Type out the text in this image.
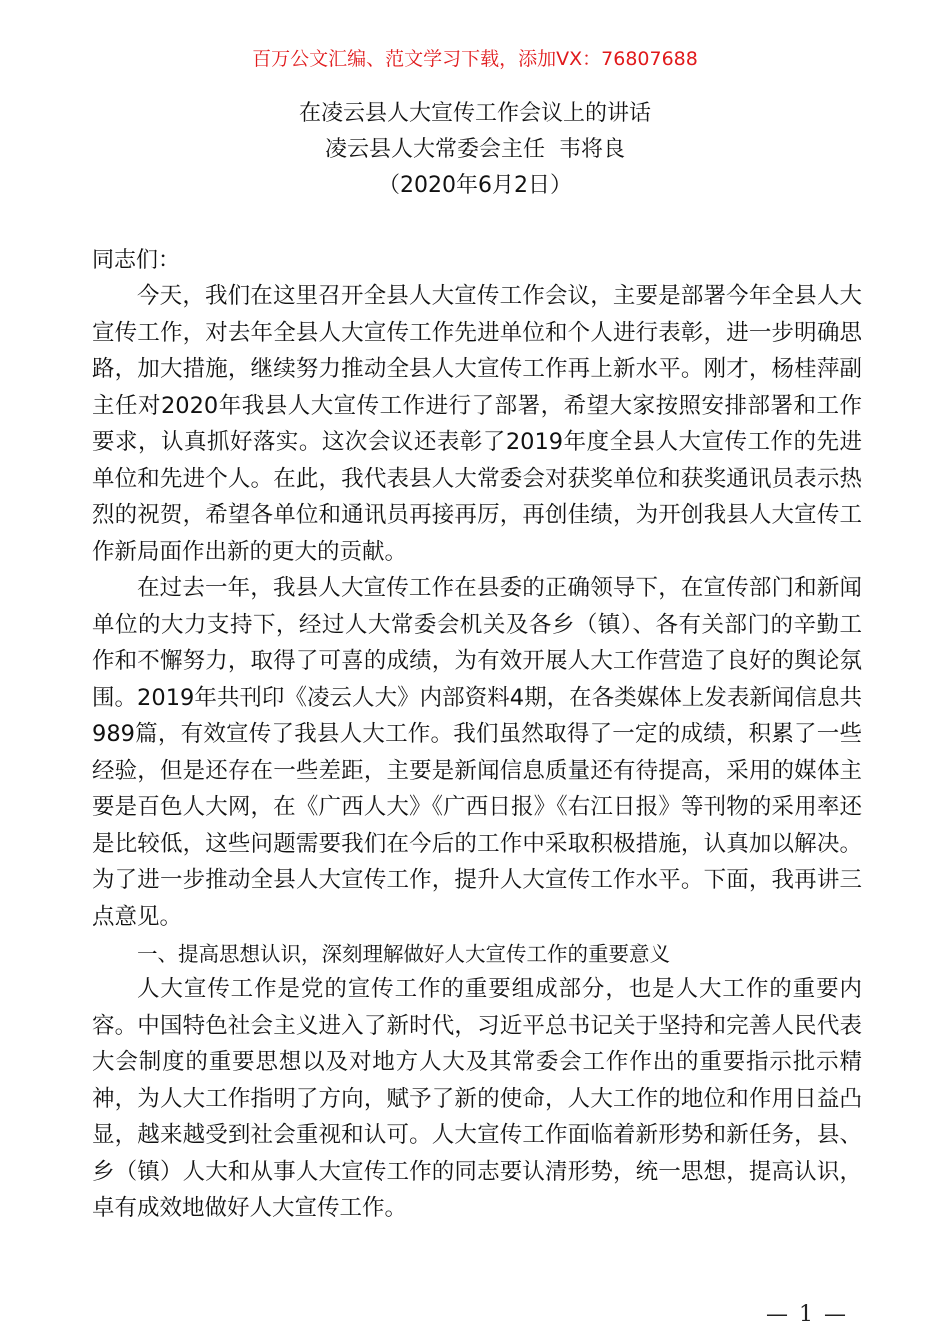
百万公文汇编、范文学习下载，添加VX：76807688
在凌云县人大宣传工作会议上的讲话
凌云县人大常委会主任  韦将良
（2020年6月2日）

同志们：

今天，我们在这里召开全县人大宣传工作会议，主要是部署今年全县人大宣传工作，对去年全县人大宣传工作先进单位和个人进行表彰，进一步明确思路，加大措施，继续努力推动全县人大宣传工作再上新水平。刚才，杨桂萍副主任对2020年我县人大宣传工作进行了部署，希望大家按照安排部署和工作要求，认真抓好落实。这次会议还表彰了2019年度全县人大宣传工作的先进单位和先进个人。在此，我代表县人大常委会对获奖单位和获奖通讯员表示热烈的祝贺，希望各单位和通讯员再接再厉，再创佳绩，为开创我县人大宣传工作新局面作出新的更大的贡献。

在过去一年，我县人大宣传工作在县委的正确领导下，在宣传部门和新闻单位的大力支持下，经过人大常委会机关及各乡（镇）、各有关部门的辛勤工作和不懈努力，取得了可喜的成绩，为有效开展人大工作营造了良好的舆论氛围。2019年共刊印《凌云人大》内部资料4期，在各类媒体上发表新闻信息共989篇，有效宣传了我县人大工作。我们虽然取得了一定的成绩，积累了一些经验，但是还存在一些差距，主要是新闻信息质量还有待提高，采用的媒体主要是百色人大网，在《广西人大》《广西日报》《右江日报》等刊物的采用率还是比较低，这些问题需要我们在今后的工作中采取积极措施，认真加以解决。为了进一步推动全县人大宣传工作，提升人大宣传工作水平。下面，我再讲三点意见。

一、提高思想认识，深刻理解做好人大宣传工作的重要意义

人大宣传工作是党的宣传工作的重要组成部分，也是人大工作的重要内容。中国特色社会主义进入了新时代，习近平总书记关于坚持和完善人民代表大会制度的重要思想以及对地方人大及其常委会工作作出的重要指示批示精神，为人大工作指明了方向，赋予了新的使命，人大工作的地位和作用日益凸显，越来越受到社会重视和认可。人大宣传工作面临着新形势和新任务，县、乡（镇）人大和从事人大宣传工作的同志要认清形势，统一思想，提高认识，卓有成效地做好人大宣传工作。

— 1 —
